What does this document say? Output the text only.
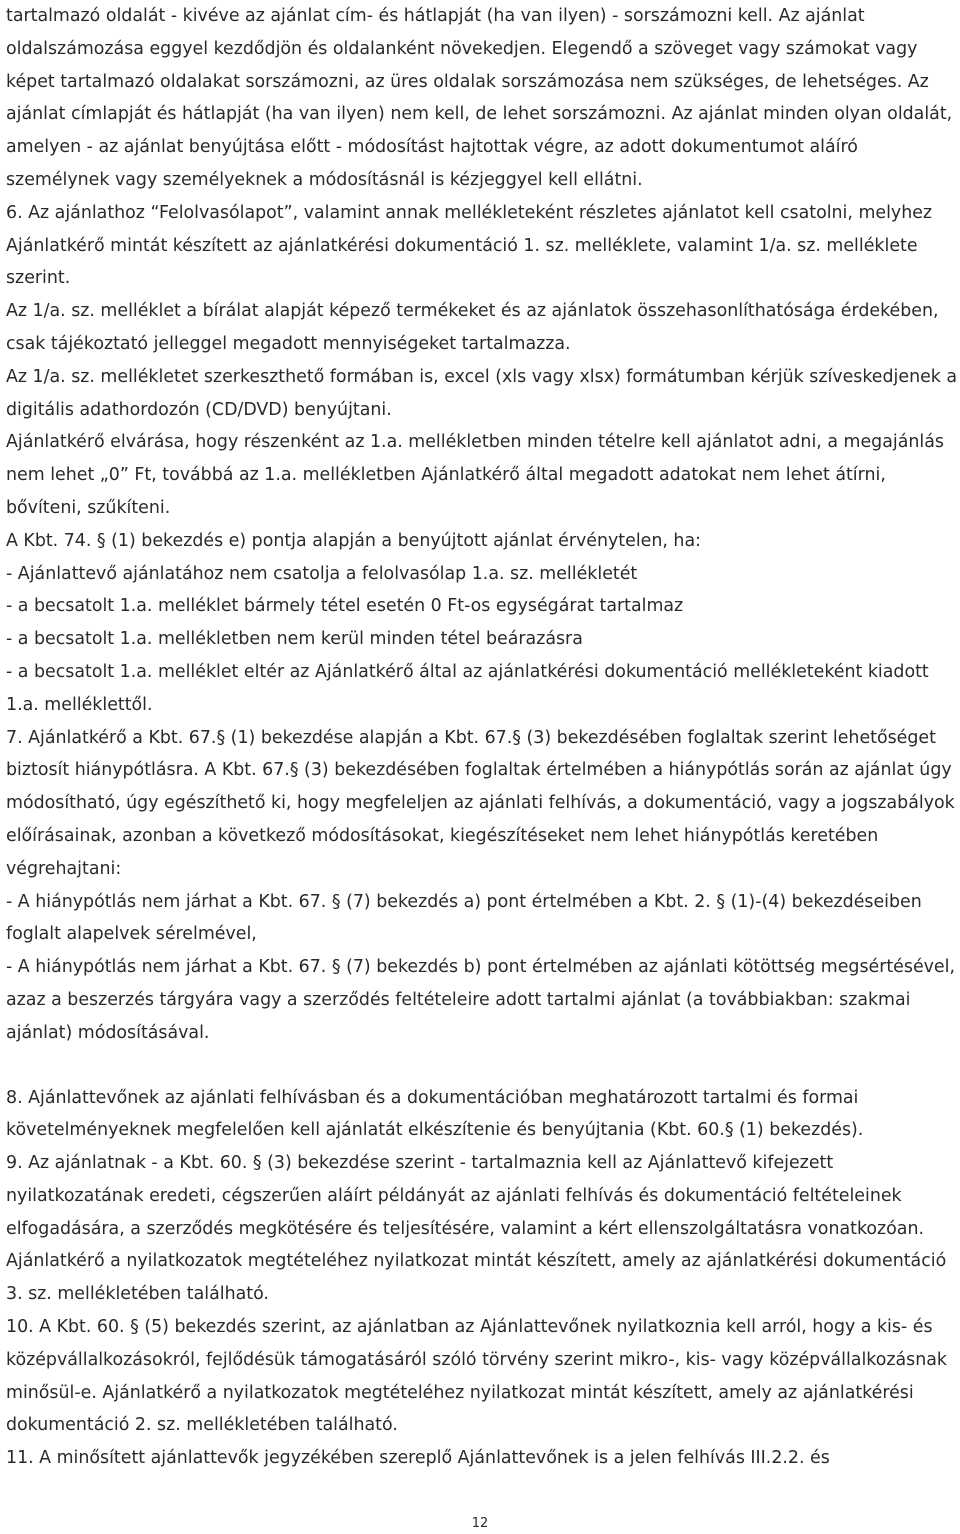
tartalmazó oldalát - kivéve az ajánlat cím- és hátlapját (ha van ilyen) - sorszámozni kell. Az ajánlat oldalszámozása eggyel kezdődjön és oldalanként növekedjen. Elegendő a szöveget vagy számokat vagy képet tartalmazó oldalakat sorszámozni, az üres oldalak sorszámozása nem szükséges, de lehetséges. Az ajánlat címlapját és hátlapját (ha van ilyen) nem kell, de lehet sorszámozni. Az ajánlat minden olyan oldalát, amelyen - az ajánlat benyújtása előtt - módosítást hajtottak végre, az adott dokumentumot aláíró személynek vagy személyeknek a módosításnál is kézjeggyel kell ellátni.

6. Az ajánlathoz “Felolvasólapot”, valamint annak mellékleteként részletes ajánlatot kell csatolni, melyhez Ajánlatkérő mintát készített az ajánlatkérési dokumentáció 1. sz. melléklete, valamint 1/a. sz. melléklete szerint.

Az 1/a. sz. melléklet a bírálat alapját képező termékeket és az ajánlatok összehasonlíthatósága érdekében, csak tájékoztató jelleggel megadott mennyiségeket tartalmazza.

Az 1/a. sz. mellékletet szerkeszthető formában is, excel (xls vagy xlsx) formátumban kérjük szíveskedjenek a digitális adathordozón (CD/DVD) benyújtani.

Ajánlatkérő elvárása, hogy részenként az 1.a. mellékletben minden tételre kell ajánlatot adni, a megajánlás nem lehet „0” Ft, továbbá az 1.a. mellékletben Ajánlatkérő által megadott adatokat nem lehet átírni, bővíteni, szűkíteni.

A Kbt. 74. § (1) bekezdés e) pontja alapján a benyújtott ajánlat érvénytelen, ha:

- Ajánlattevő ajánlatához nem csatolja a felolvasólap 1.a. sz. mellékletét

- a becsatolt 1.a. melléklet bármely tétel esetén 0 Ft-os egységárat tartalmaz

- a becsatolt 1.a. mellékletben nem kerül minden tétel beárazásra

- a becsatolt 1.a. melléklet eltér az Ajánlatkérő által az ajánlatkérési dokumentáció mellékleteként kiadott 1.a. melléklettől.

7. Ajánlatkérő a Kbt. 67.§ (1) bekezdése alapján a Kbt. 67.§ (3) bekezdésében foglaltak szerint lehetőséget biztosít hiánypótlásra. A Kbt. 67.§ (3) bekezdésében foglaltak értelmében a hiánypótlás során az ajánlat úgy módosítható, úgy egészíthető ki, hogy megfeleljen az ajánlati felhívás, a dokumentáció, vagy a jogszabályok előírásainak, azonban a következő módosításokat, kiegészítéseket nem lehet hiánypótlás keretében végrehajtani:

- A hiánypótlás nem járhat a Kbt. 67. § (7) bekezdés a) pont értelmében a Kbt. 2. § (1)-(4) bekezdéseiben foglalt alapelvek sérelmével,

- A hiánypótlás nem járhat a Kbt. 67. § (7) bekezdés b) pont értelmében az ajánlati kötöttség megsértésével, azaz a beszerzés tárgyára vagy a szerződés feltételeire adott tartalmi ajánlat (a továbbiakban: szakmai ajánlat) módosításával.

8. Ajánlattevőnek az ajánlati felhívásban és a dokumentációban meghatározott tartalmi és formai követelményeknek megfelelően kell ajánlatát elkészítenie és benyújtania (Kbt. 60.§ (1) bekezdés).

9. Az ajánlatnak - a Kbt. 60. § (3) bekezdése szerint - tartalmaznia kell az Ajánlattevő kifejezett nyilatkozatának eredeti, cégszerűen aláírt példányát az ajánlati felhívás és dokumentáció feltételeinek elfogadására, a szerződés megkötésére és teljesítésére, valamint a kért ellenszolgáltatásra vonatkozóan. Ajánlatkérő a nyilatkozatok megtételéhez nyilatkozat mintát készített, amely az ajánlatkérési dokumentáció 3. sz. mellékletében található.

10. A Kbt. 60. § (5) bekezdés szerint, az ajánlatban az Ajánlattevőnek nyilatkoznia kell arról, hogy a kis- és középvállalkozásokról, fejlődésük támogatásáról szóló törvény szerint mikro-, kis- vagy középvállalkozásnak minősül-e. Ajánlatkérő a nyilatkozatok megtételéhez nyilatkozat mintát készített, amely az ajánlatkérési dokumentáció 2. sz. mellékletében található.

11. A minősített ajánlattevők jegyzékében szereplő Ajánlattevőnek is a jelen felhívás III.2.2. és

12
